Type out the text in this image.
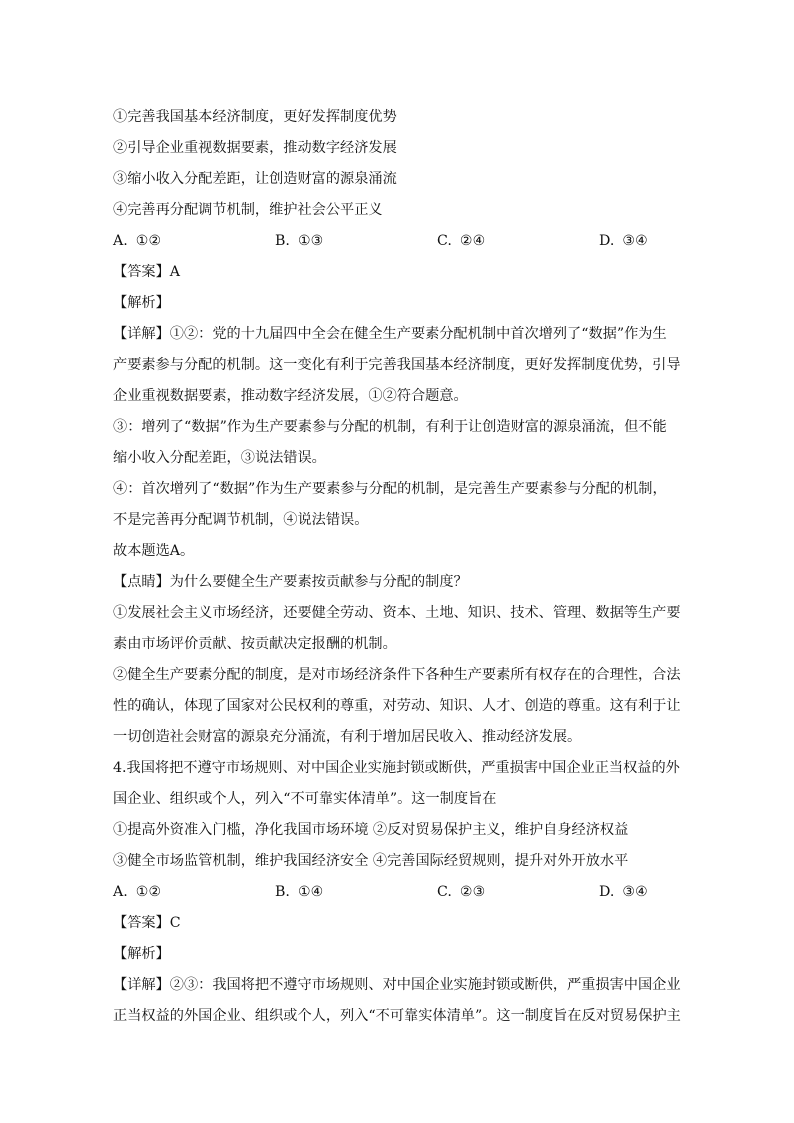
①完善我国基本经济制度，更好发挥制度优势
②引导企业重视数据要素，推动数字经济发展
③缩小收入分配差距，让创造财富的源泉涌流
④完善再分配调节机制，维护社会公平正义
A. ①②	B. ①③	C. ②④	D. ③④
【答案】A
【解析】
【详解】①②：党的十九届四中全会在健全生产要素分配机制中首次增列了“数据”作为生
产要素参与分配的机制。这一变化有利于完善我国基本经济制度，更好发挥制度优势，引导
企业重视数据要素，推动数字经济发展，①②符合题意。
③：增列了“数据”作为生产要素参与分配的机制，有利于让创造财富的源泉涌流，但不能
缩小收入分配差距，③说法错误。
④：首次增列了“数据”作为生产要素参与分配的机制，是完善生产要素参与分配的机制，
不是完善再分配调节机制，④说法错误。
故本题选A。
【点睛】为什么要健全生产要素按贡献参与分配的制度？
①发展社会主义市场经济，还要健全劳动、资本、土地、知识、技术、管理、数据等生产要
素由市场评价贡献、按贡献决定报酬的机制。
②健全生产要素分配的制度，是对市场经济条件下各种生产要素所有权存在的合理性，合法
性的确认，体现了国家对公民权利的尊重，对劳动、知识、人才、创造的尊重。这有利于让
一切创造社会财富的源泉充分涌流，有利于增加居民收入、推动经济发展。
4.我国将把不遵守市场规则、对中国企业实施封锁或断供，严重损害中国企业正当权益的外
国企业、组织或个人，列入“不可靠实体清单”。这一制度旨在
①提高外资准入门槛，净化我国市场环境 ②反对贸易保护主义，维护自身经济权益
③健全市场监管机制，维护我国经济安全 ④完善国际经贸规则，提升对外开放水平
A. ①②	B. ①④	C. ②③	D. ③④
【答案】C
【解析】
【详解】②③：我国将把不遵守市场规则、对中国企业实施封锁或断供，严重损害中国企业
正当权益的外国企业、组织或个人，列入“不可靠实体清单”。这一制度旨在反对贸易保护主
